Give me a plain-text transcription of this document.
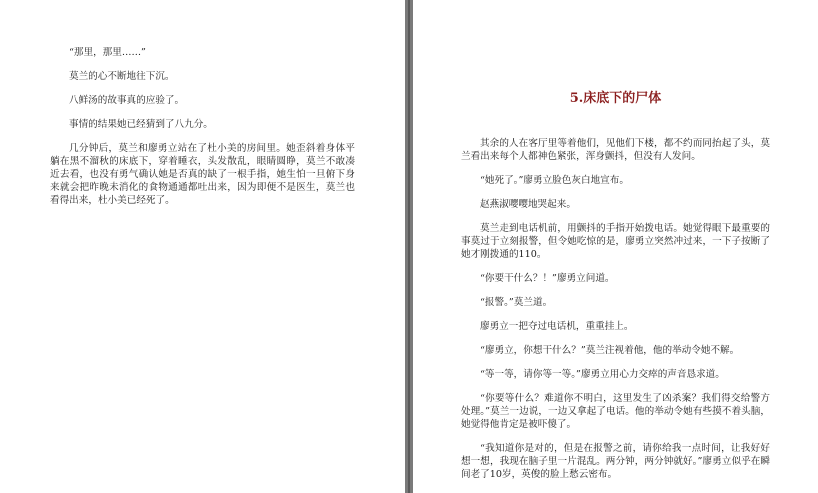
“那里，那里……”

莫兰的心不断地往下沉。

八鲜汤的故事真的应验了。

事情的结果她已经猜到了八九分。

几分钟后，莫兰和廖勇立站在了杜小美的房间里。她歪斜着身体平躺在黑不溜秋的床底下，穿着睡衣，头发散乱，眼睛圆睁，莫兰不敢凑近去看，也没有勇气确认她是否真的缺了一根手指，她生怕一旦俯下身来就会把昨晚未消化的食物通通都吐出来，因为即便不是医生，莫兰也看得出来，杜小美已经死了。

5.床底下的尸体

其余的人在客厅里等着他们，见他们下楼，都不约而同抬起了头，莫兰看出来每个人都神色紧张，浑身颤抖，但没有人发问。

“她死了。”廖勇立脸色灰白地宣布。

赵燕淑嘤嘤地哭起来。

莫兰走到电话机前，用颤抖的手指开始拨电话。她觉得眼下最重要的事莫过于立刻报警，但令她吃惊的是，廖勇立突然冲过来，一下子按断了她才刚拨通的110。

“你要干什么？！”廖勇立问道。

“报警。”莫兰道。

廖勇立一把夺过电话机，重重挂上。

“廖勇立，你想干什么？”莫兰注视着他，他的举动令她不解。

“等一等，请你等一等。”廖勇立用心力交瘁的声音恳求道。

“你要等什么？难道你不明白，这里发生了凶杀案？我们得交给警方处理。”莫兰一边说，一边又拿起了电话。他的举动令她有些摸不着头脑，她觉得他肯定是被吓傻了。

“我知道你是对的，但是在报警之前，请你给我一点时间，让我好好想一想，我现在脑子里一片混乱。两分钟，两分钟就好。”廖勇立似乎在瞬间老了10岁，英俊的脸上愁云密布。
